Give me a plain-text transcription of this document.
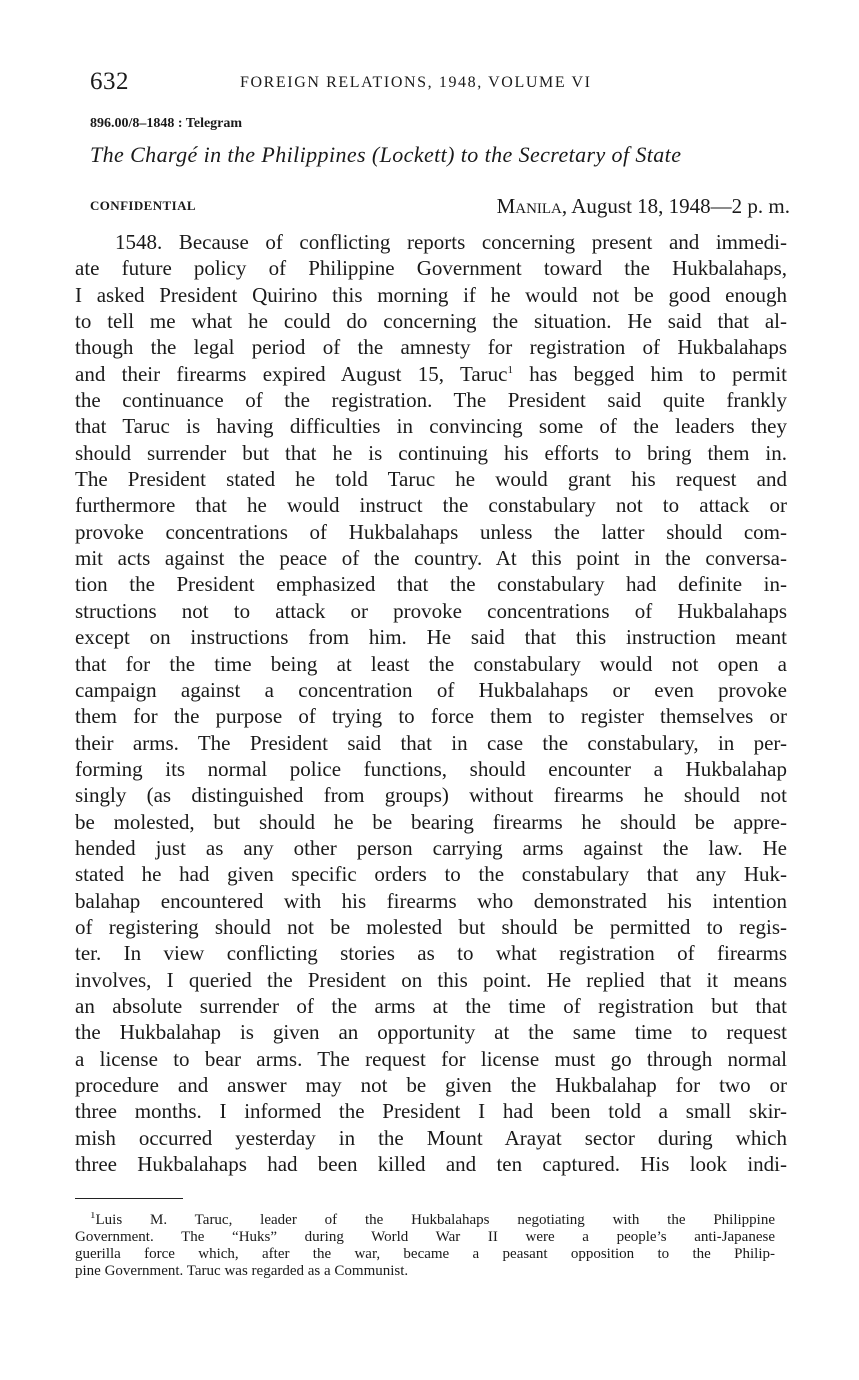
632	FOREIGN RELATIONS, 1948, VOLUME VI
896.00/8–1848 : Telegram
The Chargé in the Philippines (Lockett) to the Secretary of State
CONFIDENTIAL	Manila, August 18, 1948—2 p. m.
1548. Because of conflicting reports concerning present and immedi-
ate future policy of Philippine Government toward the Hukbalahaps,
I asked President Quirino this morning if he would not be good enough
to tell me what he could do concerning the situation. He said that al-
though the legal period of the amnesty for registration of Hukbalahaps
and their firearms expired August 15, Taruc$^1$ has begged him to permit
the continuance of the registration. The President said quite frankly
that Taruc is having difficulties in convincing some of the leaders they
should surrender but that he is continuing his efforts to bring them in.
The President stated he told Taruc he would grant his request and
furthermore that he would instruct the constabulary not to attack or
provoke concentrations of Hukbalahaps unless the latter should com-
mit acts against the peace of the country. At this point in the conversa-
tion the President emphasized that the constabulary had definite in-
structions not to attack or provoke concentrations of Hukbalahaps
except on instructions from him. He said that this instruction meant
that for the time being at least the constabulary would not open a
campaign against a concentration of Hukbalahaps or even provoke
them for the purpose of trying to force them to register themselves or
their arms. The President said that in case the constabulary, in per-
forming its normal police functions, should encounter a Hukbalahap
singly (as distinguished from groups) without firearms he should not
be molested, but should he be bearing firearms he should be appre-
hended just as any other person carrying arms against the law. He
stated he had given specific orders to the constabulary that any Huk-
balahap encountered with his firearms who demonstrated his intention
of registering should not be molested but should be permitted to regis-
ter. In view conflicting stories as to what registration of firearms
involves, I queried the President on this point. He replied that it means
an absolute surrender of the arms at the time of registration but that
the Hukbalahap is given an opportunity at the same time to request
a license to bear arms. The request for license must go through normal
procedure and answer may not be given the Hukbalahap for two or
three months. I informed the President I had been told a small skir-
mish occurred yesterday in the Mount Arayat sector during which
three Hukbalahaps had been killed and ten captured. His look indi-
$^1$Luis M. Taruc, leader of the Hukbalahaps negotiating with the Philippine
Government. The “Huks” during World War II were a people’s anti-Japanese
guerilla force which, after the war, became a peasant opposition to the Philip-
pine Government. Taruc was regarded as a Communist.
